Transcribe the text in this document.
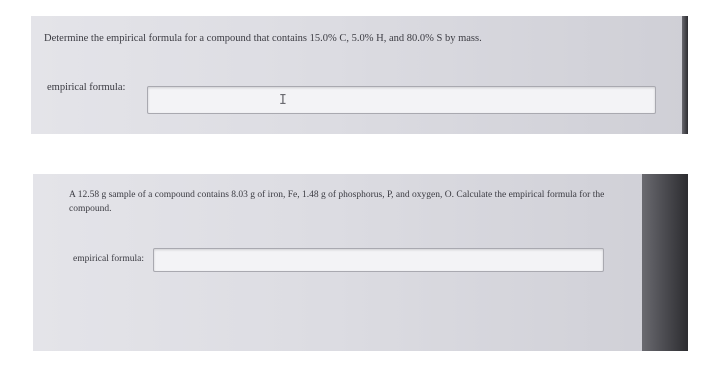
Determine the empirical formula for a compound that contains 15.0% C, 5.0% H, and 80.0% S by mass.

empirical formula:
I

A 12.58 g sample of a compound contains 8.03 g of iron, Fe, 1.48 g of phosphorus, P, and oxygen, O. Calculate the empirical formula for the compound.

empirical formula:
